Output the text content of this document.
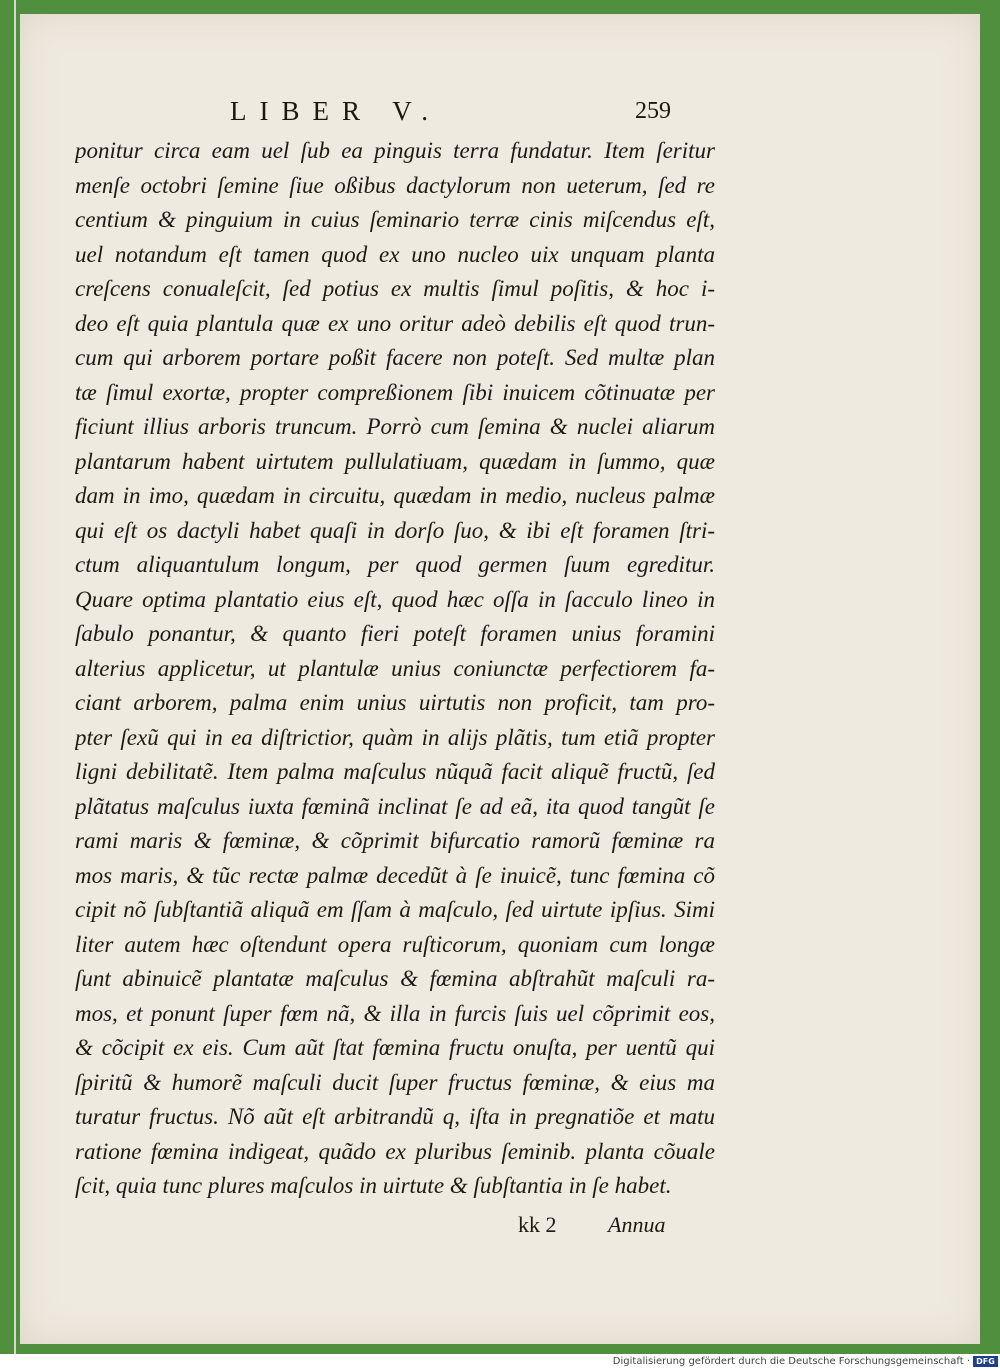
LIBER V.	259
ponitur circa eam uel ſub ea pinguis terra fundatur. Item ſeritur
menſe octobri ſemine ſiue oßibus dactylorum non ueterum, ſed re
centium & pinguium in cuius ſeminario terræ cinis miſcendus eſt,
uel notandum eſt tamen quod ex uno nucleo uix unquam planta
creſcens conualeſcit, ſed potius ex multis ſimul poſitis, & hoc i-
deo eſt quia plantula quæ ex uno oritur adeò debilis eſt quod trun-
cum qui arborem portare poßit facere non poteſt. Sed multæ plan
tæ ſimul exortæ, propter compreßionem ſibi inuicem cõtinuatæ per
ficiunt illius arboris truncum. Porrò cum ſemina & nuclei aliarum
plantarum habent uirtutem pullulatiuam, quædam in ſummo, quæ
dam in imo, quædam in circuitu, quædam in medio, nucleus palmæ
qui eſt os dactyli habet quaſi in dorſo ſuo, & ibi eſt foramen ſtri-
ctum aliquantulum longum, per quod germen ſuum egreditur.
Quare optima plantatio eius eſt, quod hæc oſſa in ſacculo lineo in
ſabulo ponantur, & quanto fieri poteſt foramen unius foramini
alterius applicetur, ut plantulæ unius coniunctæ perfectiorem fa-
ciant arborem, palma enim unius uirtutis non proficit, tam pro-
pter ſexũ qui in ea diſtrictior, quàm in alijs plãtis, tum etiã propter
ligni debilitatẽ. Item palma maſculus nũquã facit aliquẽ fructũ, ſed
plãtatus maſculus iuxta fœminã inclinat ſe ad eã, ita quod tangũt ſe
rami maris & fœminæ, & cõprimit bifurcatio ramorũ fœminæ ra
mos maris, & tũc rectæ palmæ decedũt à ſe inuicẽ, tunc fœmina cõ
cipit nõ ſubſtantiã aliquã em ſſam à maſculo, ſed uirtute ipſius. Simi
liter autem hæc oſtendunt opera ruſticorum, quoniam cum longæ
ſunt abinuicẽ plantatæ maſculus & fœmina abſtrahũt maſculi ra-
mos, et ponunt ſuper fœm nã, & illa in furcis ſuis uel cõprimit eos,
& cõcipit ex eis. Cum aũt ſtat fœmina fructu onuſta, per uentũ qui
ſpiritũ & humorẽ maſculi ducit ſuper fructus fœminæ, & eius ma
turatur fructus. Nõ aũt eſt arbitrandũ q, iſta in pregnatiõe et matu
ratione fœmina indigeat, quãdo ex pluribus ſeminib. planta cõuale
ſcit, quia tunc plures maſculos in uirtute & ſubſtantia in ſe habet.
kk 2 Annua
Digitalisierung gefördert durch die Deutsche Forschungsgemeinschaft · DFG
